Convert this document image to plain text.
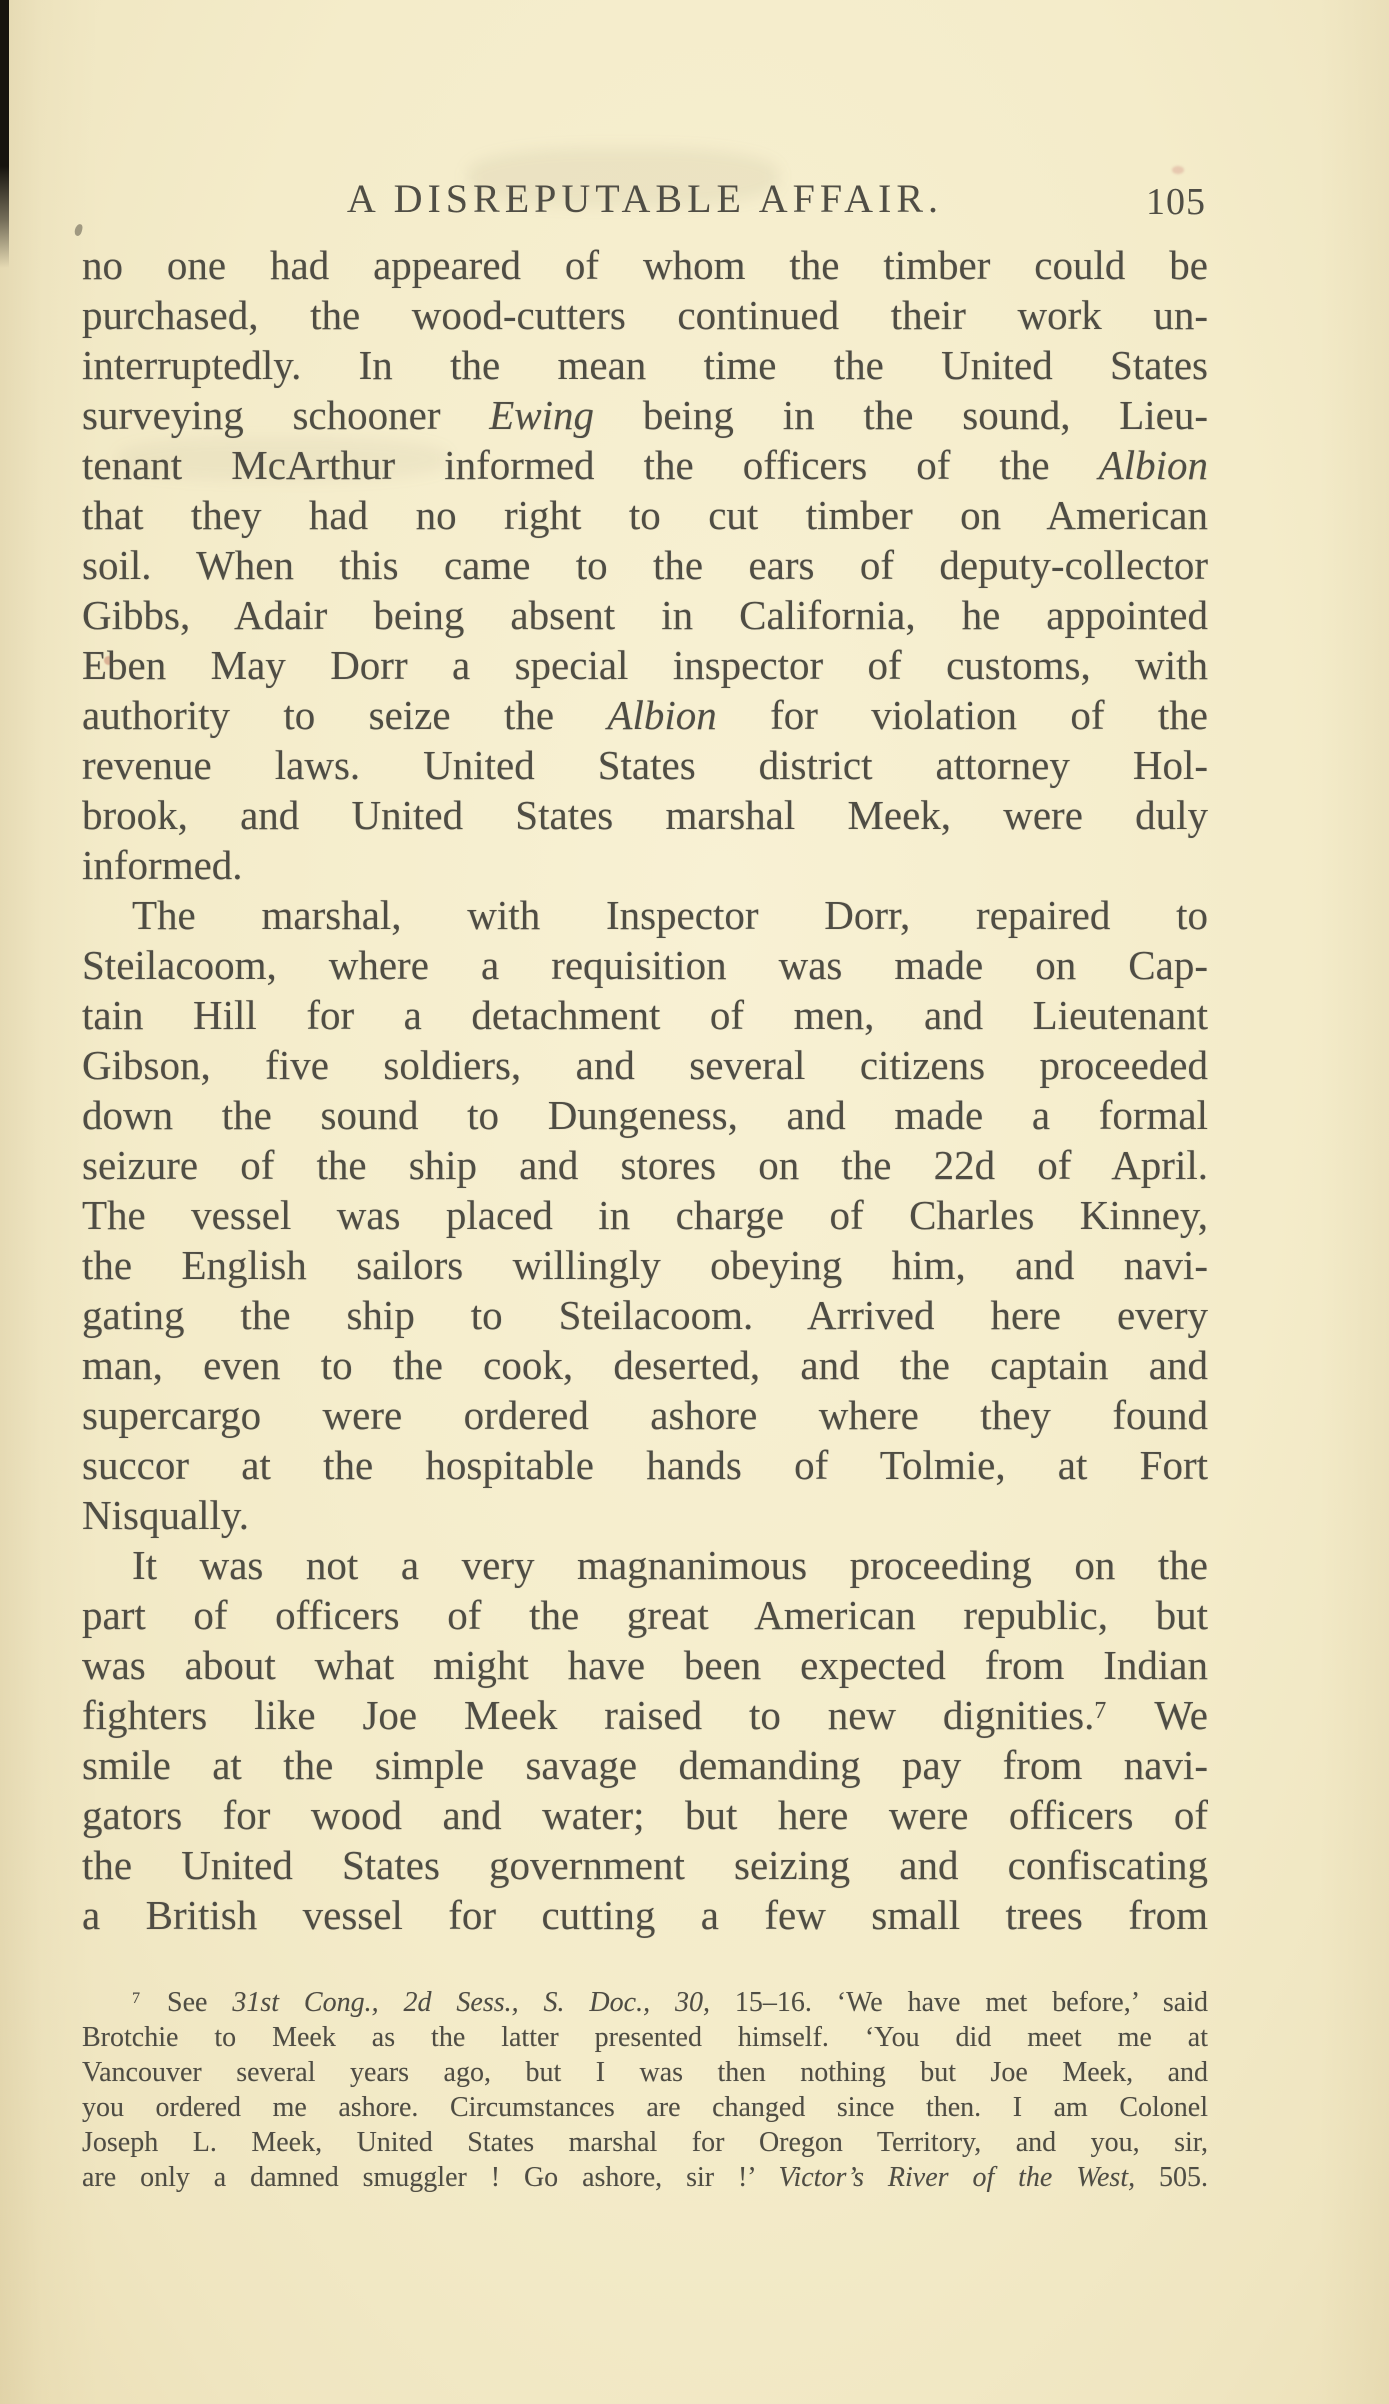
A DISREPUTABLE AFFAIR.	105
no one had appeared of whom the timber could be
purchased, the wood-cutters continued their work un-
interruptedly. In the mean time the United States
surveying schooner Ewing being in the sound, Lieu-
tenant McArthur informed the officers of the Albion
that they had no right to cut timber on American
soil. When this came to the ears of deputy-collector
Gibbs, Adair being absent in California, he appointed
Eben May Dorr a special inspector of customs, with
authority to seize the Albion for violation of the
revenue laws. United States district attorney Hol-
brook, and United States marshal Meek, were duly
informed.
The marshal, with Inspector Dorr, repaired to
Steilacoom, where a requisition was made on Cap-
tain Hill for a detachment of men, and Lieutenant
Gibson, five soldiers, and several citizens proceeded
down the sound to Dungeness, and made a formal
seizure of the ship and stores on the 22d of April.
The vessel was placed in charge of Charles Kinney,
the English sailors willingly obeying him, and navi-
gating the ship to Steilacoom. Arrived here every
man, even to the cook, deserted, and the captain and
supercargo were ordered ashore where they found
succor at the hospitable hands of Tolmie, at Fort
Nisqually.
It was not a very magnanimous proceeding on the
part of officers of the great American republic, but
was about what might have been expected from Indian
fighters like Joe Meek raised to new dignities.$^7$ We
smile at the simple savage demanding pay from navi-
gators for wood and water; but here were officers of
the United States government seizing and confiscating
a British vessel for cutting a few small trees from
$^7$ See 31st Cong., 2d Sess., S. Doc., 30, 15–16. ‘We have met before,’ said
Brotchie to Meek as the latter presented himself. ‘You did meet me at
Vancouver several years ago, but I was then nothing but Joe Meek, and
you ordered me ashore. Circumstances are changed since then. I am Colonel
Joseph L. Meek, United States marshal for Oregon Territory, and you, sir,
are only a damned smuggler ! Go ashore, sir !’ Victor’s River of the West, 505.
